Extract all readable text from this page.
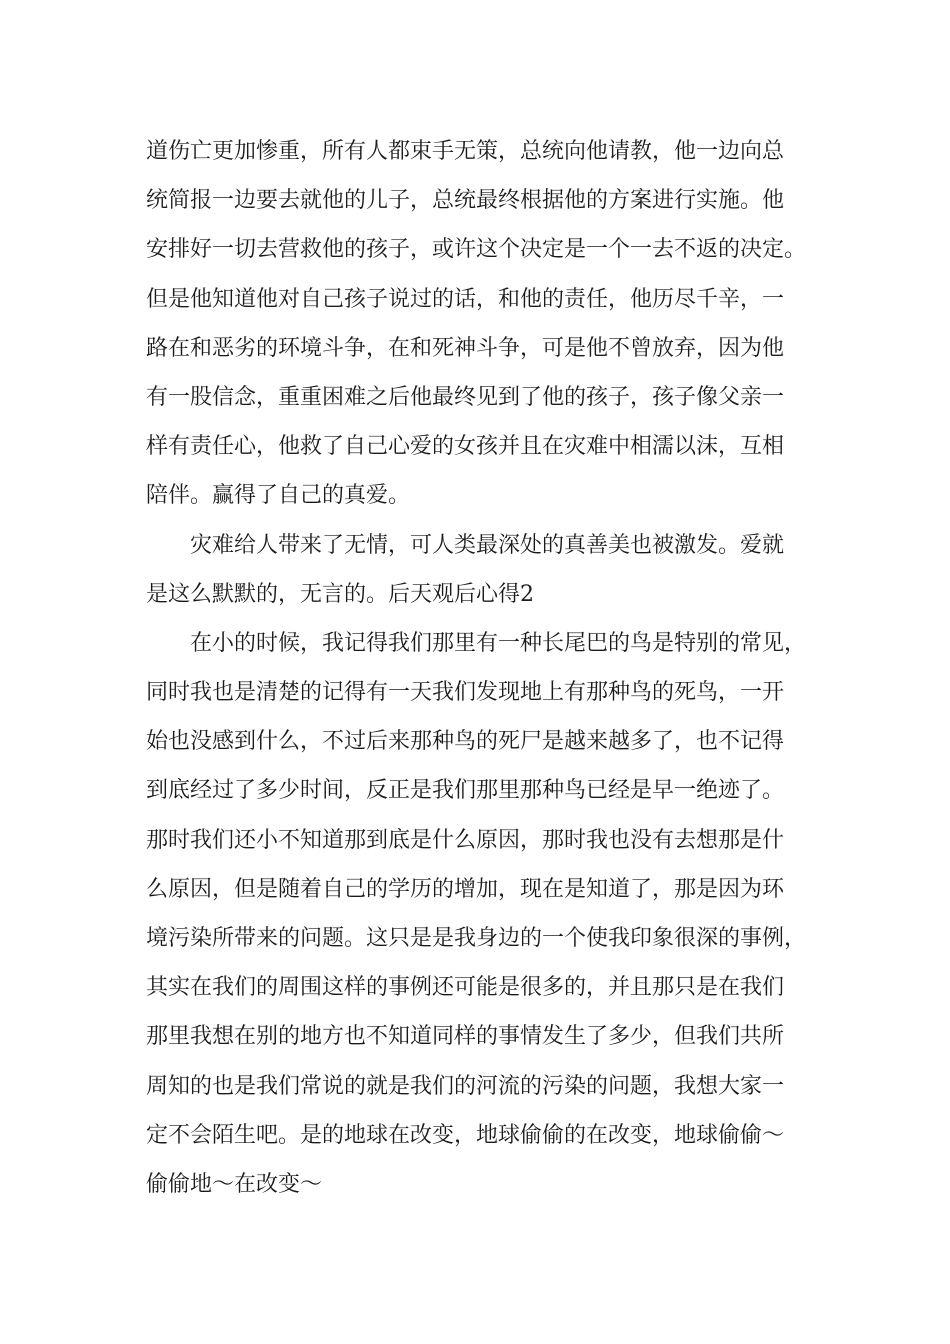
道伤亡更加惨重，所有人都束手无策，总统向他请教，他一边向总
统简报一边要去就他的儿子，总统最终根据他的方案进行实施。他
安排好一切去营救他的孩子，或许这个决定是一个一去不返的决定。
但是他知道他对自己孩子说过的话，和他的责任，他历尽千辛，一
路在和恶劣的环境斗争，在和死神斗争，可是他不曾放弃，因为他
有一股信念，重重困难之后他最终见到了他的孩子，孩子像父亲一
样有责任心，他救了自己心爱的女孩并且在灾难中相濡以沫，互相
陪伴。赢得了自己的真爱。
灾难给人带来了无情，可人类最深处的真善美也被激发。爱就
是这么默默的，无言的。后天观后心得2
在小的时候，我记得我们那里有一种长尾巴的鸟是特别的常见，
同时我也是清楚的记得有一天我们发现地上有那种鸟的死鸟，一开
始也没感到什么，不过后来那种鸟的死尸是越来越多了，也不记得
到底经过了多少时间，反正是我们那里那种鸟已经是早一绝迹了。
那时我们还小不知道那到底是什么原因，那时我也没有去想那是什
么原因，但是随着自己的学历的增加，现在是知道了，那是因为环
境污染所带来的问题。这只是是我身边的一个使我印象很深的事例，
其实在我们的周围这样的事例还可能是很多的，并且那只是在我们
那里我想在别的地方也不知道同样的事情发生了多少，但我们共所
周知的也是我们常说的就是我们的河流的污染的问题，我想大家一
定不会陌生吧。是的地球在改变，地球偷偷的在改变，地球偷偷～
偷偷地～在改变～
